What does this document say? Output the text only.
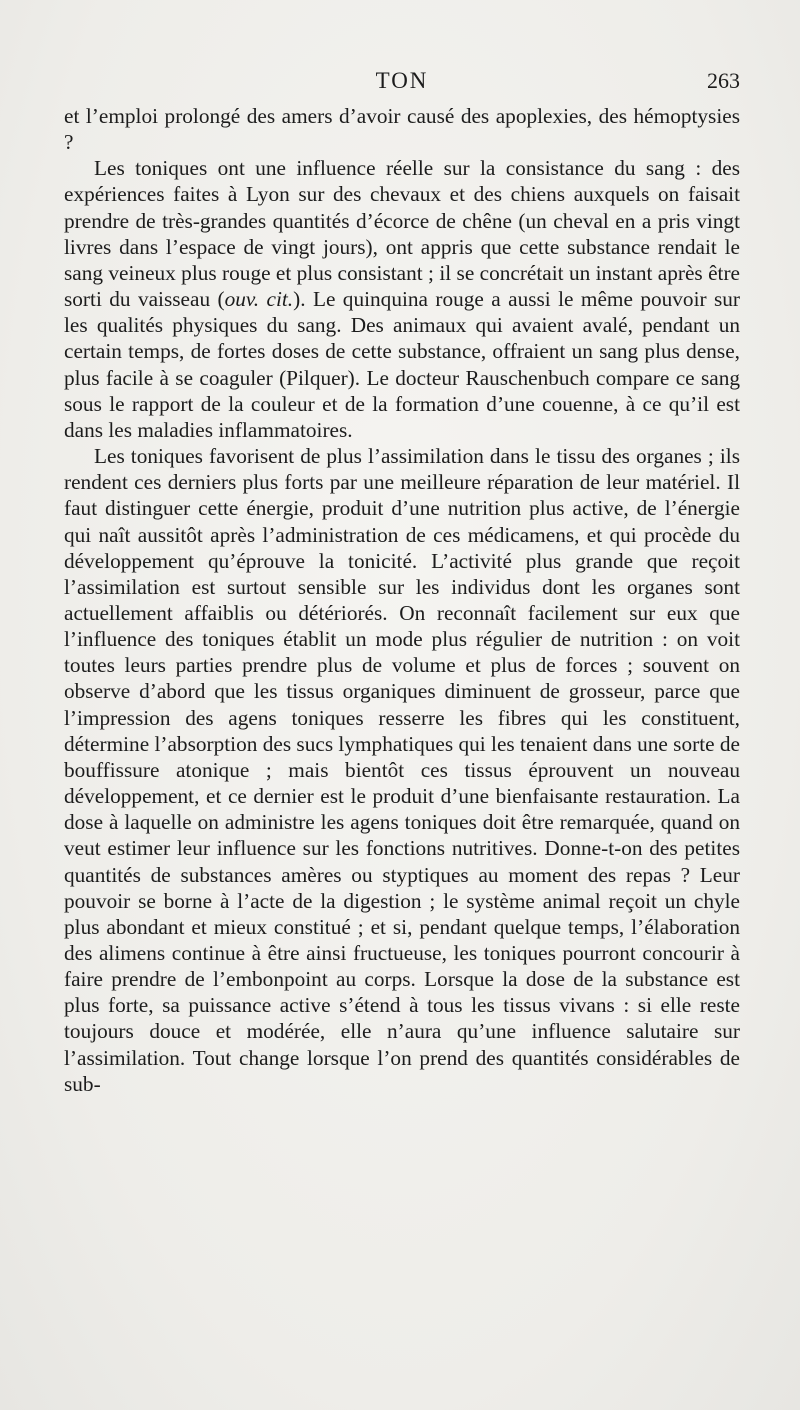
TON	263

et l’emploi prolongé des amers d’avoir causé des apoplexies, des hémoptysies ?

Les toniques ont une influence réelle sur la consistance du sang : des expériences faites à Lyon sur des chevaux et des chiens auxquels on faisait prendre de très-grandes quantités d’écorce de chêne (un cheval en a pris vingt livres dans l’espace de vingt jours), ont appris que cette substance rendait le sang veineux plus rouge et plus consistant ; il se concrétait un instant après être sorti du vaisseau (ouv. cit.). Le quinquina rouge a aussi le même pouvoir sur les qualités physiques du sang. Des animaux qui avaient avalé, pendant un certain temps, de fortes doses de cette substance, offraient un sang plus dense, plus facile à se coaguler (Pilquer). Le docteur Rauschenbuch compare ce sang sous le rapport de la couleur et de la formation d’une couenne, à ce qu’il est dans les maladies inflammatoires.

Les toniques favorisent de plus l’assimilation dans le tissu des organes ; ils rendent ces derniers plus forts par une meilleure réparation de leur matériel. Il faut distinguer cette énergie, produit d’une nutrition plus active, de l’énergie qui naît aussitôt après l’administration de ces médicamens, et qui procède du développement qu’éprouve la tonicité. L’activité plus grande que reçoit l’assimilation est surtout sensible sur les individus dont les organes sont actuellement affaiblis ou détériorés. On reconnaît facilement sur eux que l’influence des toniques établit un mode plus régulier de nutrition : on voit toutes leurs parties prendre plus de volume et plus de forces ; souvent on observe d’abord que les tissus organiques diminuent de grosseur, parce que l’impression des agens toniques resserre les fibres qui les constituent, détermine l’absorption des sucs lymphatiques qui les tenaient dans une sorte de bouffissure atonique ; mais bientôt ces tissus éprouvent un nouveau développement, et ce dernier est le produit d’une bienfaisante restauration. La dose à laquelle on administre les agens toniques doit être remarquée, quand on veut estimer leur influence sur les fonctions nutritives. Donne-t-on des petites quantités de substances amères ou styptiques au moment des repas ? Leur pouvoir se borne à l’acte de la digestion ; le système animal reçoit un chyle plus abondant et mieux constitué ; et si, pendant quelque temps, l’élaboration des alimens continue à être ainsi fructueuse, les toniques pourront concourir à faire prendre de l’embonpoint au corps. Lorsque la dose de la substance est plus forte, sa puissance active s’étend à tous les tissus vivans : si elle reste toujours douce et modérée, elle n’aura qu’une influence salutaire sur l’assimilation. Tout change lorsque l’on prend des quantités considérables de sub-
